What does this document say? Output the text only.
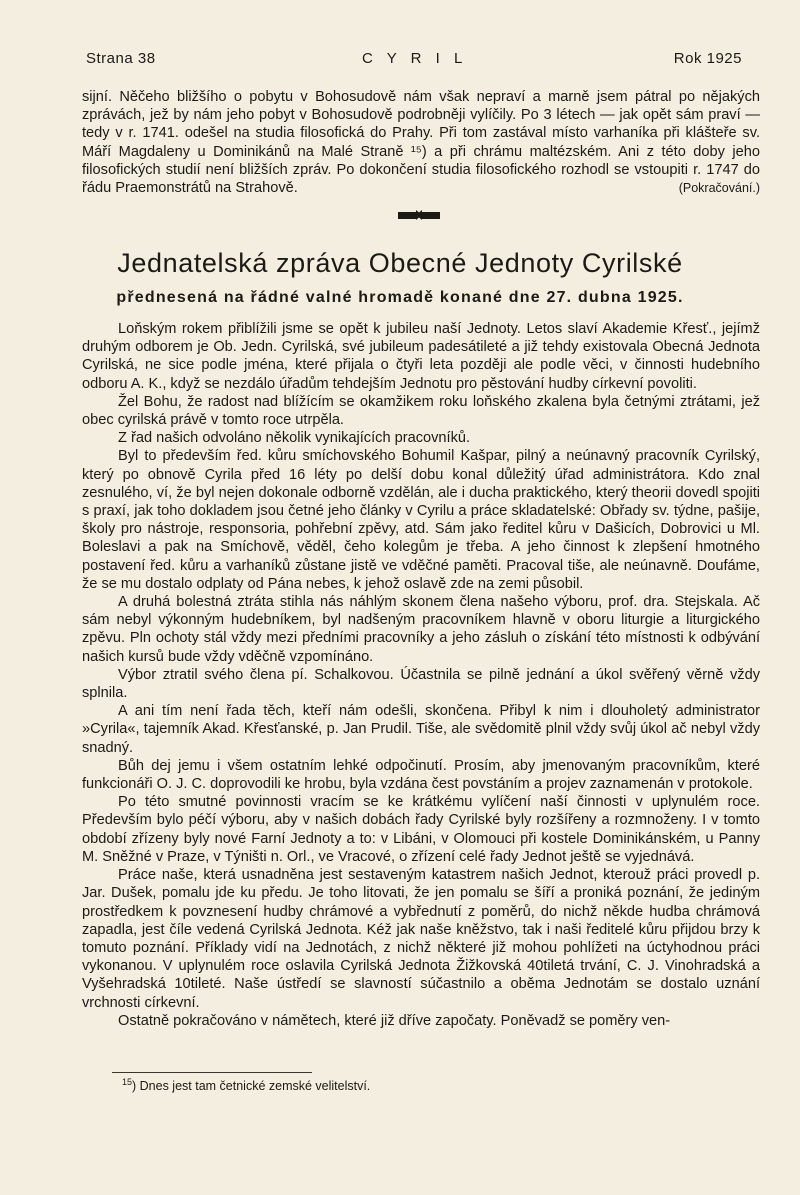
Strana 38	C Y R I L	Rok 1925

sijní. Něčeho bližšího o pobytu v Bohosudově nám však nepraví a marně jsem pátral po nějakých zprávách, jež by nám jeho pobyt v Bohosudově podrobněji vylíčily. Po 3 létech — jak opět sám praví — tedy v r. 1741. odešel na studia filosofická do Prahy. Při tom zastával místo varhaníka při klášteře sv. Máří Magdaleny u Dominikánů na Malé Straně ¹⁵) a při chrámu maltézském. Ani z této doby jeho filosofických studií není bližších zpráv. Po dokončení studia filosofického rozhodl se vstoupiti r. 1747 do řádu Praemonstrátů na Strahově.	(Pokračování.)
Jednatelská zpráva Obecné Jednoty Cyrilské
přednesená na řádné valné hromadě konané dne 27. dubna 1925.

Loňským rokem přiblížili jsme se opět k jubileu naší Jednoty. Letos slaví Akademie Křesť., jejímž druhým odborem je Ob. Jedn. Cyrilská, své jubileum padesátileté a již tehdy existovala Obecná Jednota Cyrilská, ne sice podle jména, které přijala o čtyři leta později ale podle věci, v činnosti hudebního odboru A. K., když se nezdálo úřadům tehdejším Jednotu pro pěstování hudby církevní povoliti.

Žel Bohu, že radost nad blížícím se okamžikem roku loňského zkalena byla četnými ztrátami, jež obec cyrilská právě v tomto roce utrpěla.

Z řad našich odvoláno několik vynikajících pracovníků.

Byl to především řed. kůru smíchovského Bohumil Kašpar, pilný a neúnavný pracovník Cyrilský, který po obnově Cyrila před 16 léty po delší dobu konal důležitý úřad administrátora. Kdo znal zesnulého, ví, že byl nejen dokonale odborně vzdělán, ale i ducha praktického, který theorii dovedl spojiti s praxí, jak toho dokladem jsou četné jeho články v Cyrilu a práce skladatelské: Obřady sv. týdne, pašije, školy pro nástroje, responsoria, pohřební zpěvy, atd. Sám jako ředitel kůru v Dašicích, Dobrovici u Ml. Boleslavi a pak na Smíchově, věděl, čeho kolegům je třeba. A jeho činnost k zlepšení hmotného postavení řed. kůru a varhaníků zůstane jistě ve vděčné paměti. Pracoval tiše, ale neúnavně. Doufáme, že se mu dostalo odplaty od Pána nebes, k jehož oslavě zde na zemi působil.

A druhá bolestná ztráta stihla nás náhlým skonem člena našeho výboru, prof. dra. Stejskala. Ač sám nebyl výkonným hudebníkem, byl nadšeným pracovníkem hlavně v oboru liturgie a liturgického zpěvu. Pln ochoty stál vždy mezi předními pracovníky a jeho zásluh o získání této místnosti k odbývání našich kursů bude vždy vděčně vzpomínáno.

Výbor ztratil svého člena pí. Schalkovou. Účastnila se pilně jednání a úkol svěřený věrně vždy splnila.

A ani tím není řada těch, kteří nám odešli, skončena. Přibyl k nim i dlouholetý administrator »Cyrila«, tajemník Akad. Křesťanské, p. Jan Prudil. Tiše, ale svědomitě plnil vždy svůj úkol ač nebyl vždy snadný.

Bůh dej jemu i všem ostatním lehké odpočinutí. Prosím, aby jmenovaným pracovníkům, které funkcionáři O. J. C. doprovodili ke hrobu, byla vzdána čest povstáním a projev zaznamenán v protokole.

Po této smutné povinnosti vracím se ke krátkému vylíčení naší činnosti v uplynulém roce. Především bylo péčí výboru, aby v našich dobách řady Cyrilské byly rozšířeny a rozmnoženy. I v tomto období zřízeny byly nové Farní Jednoty a to: v Libáni, v Olomouci při kostele Dominikánském, u Panny M. Sněžné v Praze, v Týništi n. Orl., ve Vracové, o zřízení celé řady Jednot ještě se vyjednává.

Práce naše, která usnadněna jest sestaveným katastrem našich Jednot, kterouž práci provedl p. Jar. Dušek, pomalu jde ku předu. Je toho litovati, že jen pomalu se šíří a proniká poznání, že jediným prostředkem k povznesení hudby chrámové a vybřednutí z poměrů, do nichž někde hudba chrámová zapadla, jest číle vedená Cyrilská Jednota. Kéž jak naše kněžstvo, tak i naši ředitelé kůru přijdou brzy k tomuto poznání. Příklady vidí na Jednotách, z nichž některé již mohou pohlížeti na úctyhodnou práci vykonanou. V uplynulém roce oslavila Cyrilská Jednota Žižkovská 40tiletá trvání, C. J. Vinohradská a Vyšehradská 10tileté. Naše ústředí se slavností súčastnilo a oběma Jednotám se dostalo uznání vrchnosti církevní.

Ostatně pokračováno v námětech, které již dříve započaty. Poněvadž se poměry ven-

$^{15}$) Dnes jest tam četnické zemské velitelství.
